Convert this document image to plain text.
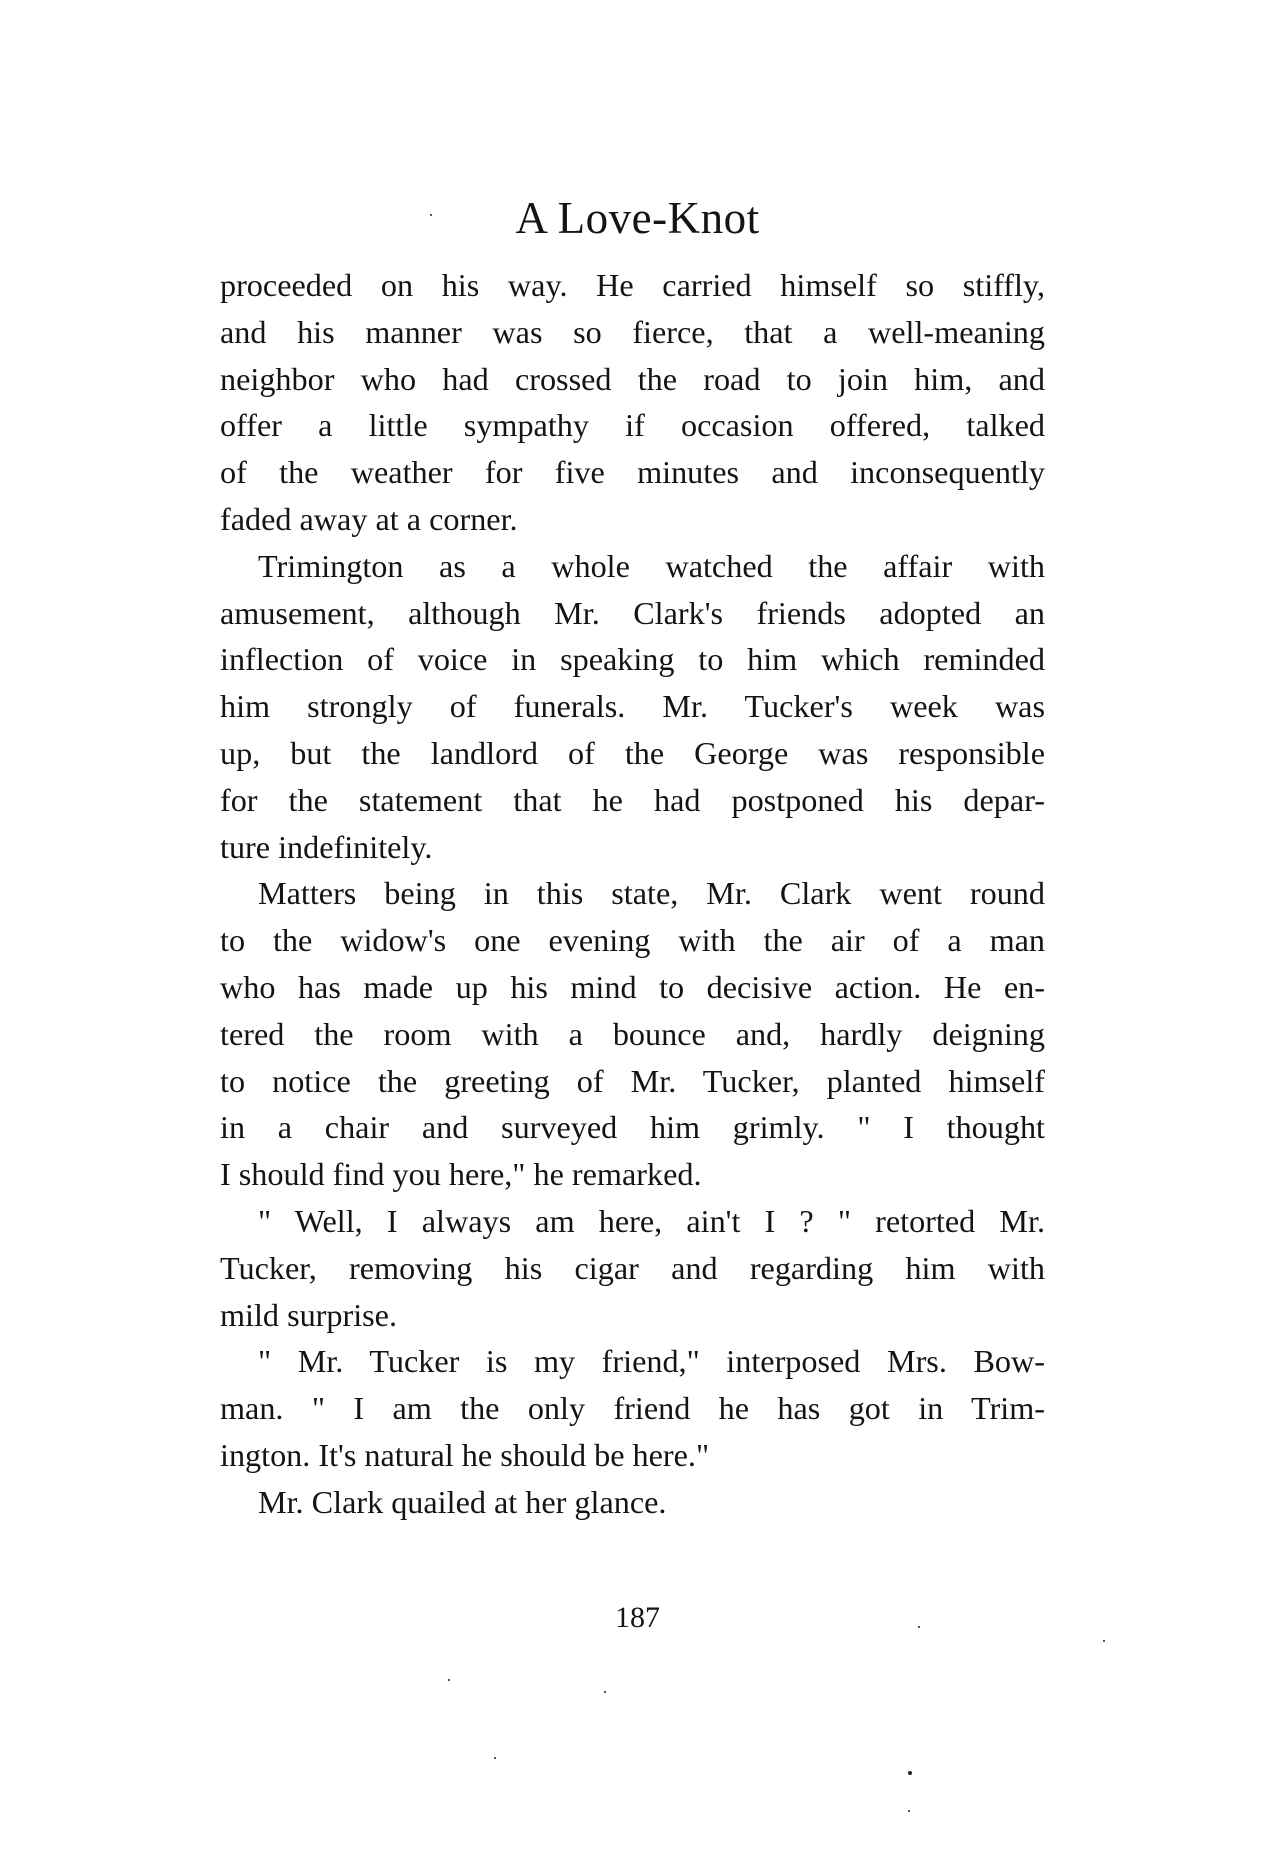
A Love-Knot
proceeded on his way. He carried himself so stiffly,
and his manner was so fierce, that a well-meaning
neighbor who had crossed the road to join him, and
offer a little sympathy if occasion offered, talked
of the weather for five minutes and inconsequently
faded away at a corner.
Trimington as a whole watched the affair with
amusement, although Mr. Clark's friends adopted an
inflection of voice in speaking to him which reminded
him strongly of funerals. Mr. Tucker's week was
up, but the landlord of the George was responsible
for the statement that he had postponed his depar-
ture indefinitely.
Matters being in this state, Mr. Clark went round
to the widow's one evening with the air of a man
who has made up his mind to decisive action. He en-
tered the room with a bounce and, hardly deigning
to notice the greeting of Mr. Tucker, planted himself
in a chair and surveyed him grimly. " I thought
I should find you here," he remarked.
" Well, I always am here, ain't I ? " retorted Mr.
Tucker, removing his cigar and regarding him with
mild surprise.
" Mr. Tucker is my friend," interposed Mrs. Bow-
man. " I am the only friend he has got in Trim-
ington. It's natural he should be here."
Mr. Clark quailed at her glance.
187
